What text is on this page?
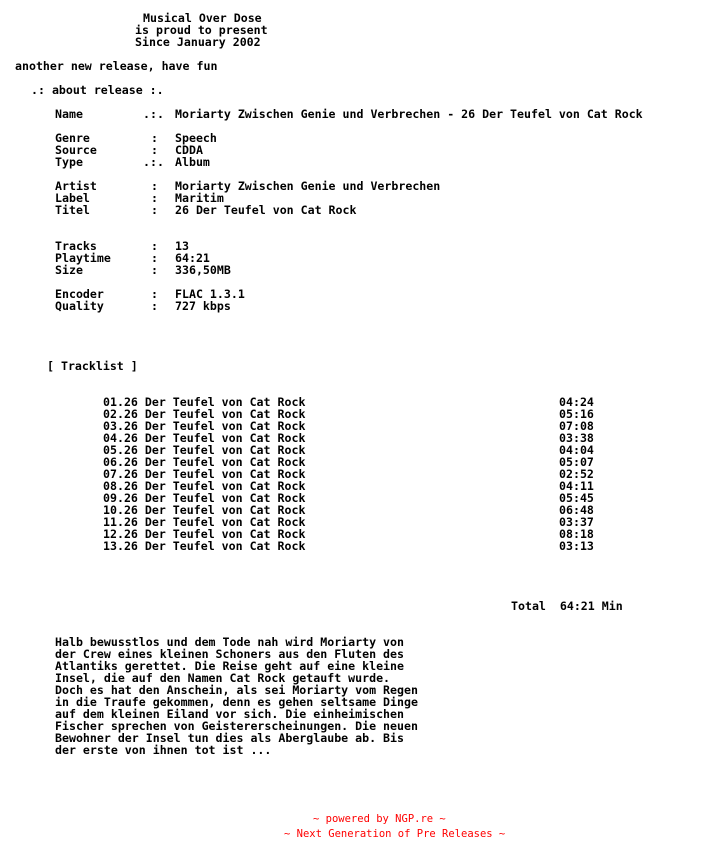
Musical Over Dose
is proud to present
Since January 2002
another new release, have fun
.: about release :.
Name	.:. Moriarty Zwischen Genie und Verbrechen - 26 Der Teufel von Cat Rock
Genre	: Speech
Source	: CDDA
Type	.:. Album
Artist	: Moriarty Zwischen Genie und Verbrechen
Label	: Maritim
Titel	: 26 Der Teufel von Cat Rock
Tracks	: 13
Playtime	: 64:21
Size	: 336,50MB
Encoder	: FLAC 1.3.1
Quality	: 727 kbps
[ Tracklist ]
01.26 Der Teufel von Cat Rock	04:24
02.26 Der Teufel von Cat Rock	05:16
03.26 Der Teufel von Cat Rock	07:08
04.26 Der Teufel von Cat Rock	03:38
05.26 Der Teufel von Cat Rock	04:04
06.26 Der Teufel von Cat Rock	05:07
07.26 Der Teufel von Cat Rock	02:52
08.26 Der Teufel von Cat Rock	04:11
09.26 Der Teufel von Cat Rock	05:45
10.26 Der Teufel von Cat Rock	06:48
11.26 Der Teufel von Cat Rock	03:37
12.26 Der Teufel von Cat Rock	08:18
13.26 Der Teufel von Cat Rock	03:13
Total  64:21 Min
Halb bewusstlos und dem Tode nah wird Moriarty von
der Crew eines kleinen Schoners aus den Fluten des
Atlantiks gerettet. Die Reise geht auf eine kleine
Insel, die auf den Namen Cat Rock getauft wurde.
Doch es hat den Anschein, als sei Moriarty vom Regen
in die Traufe gekommen, denn es gehen seltsame Dinge
auf dem kleinen Eiland vor sich. Die einheimischen
Fischer sprechen von Geistererscheinungen. Die neuen
Bewohner der Insel tun dies als Aberglaube ab. Bis
der erste von ihnen tot ist ...
~ powered by NGP.re ~
~ Next Generation of Pre Releases ~
